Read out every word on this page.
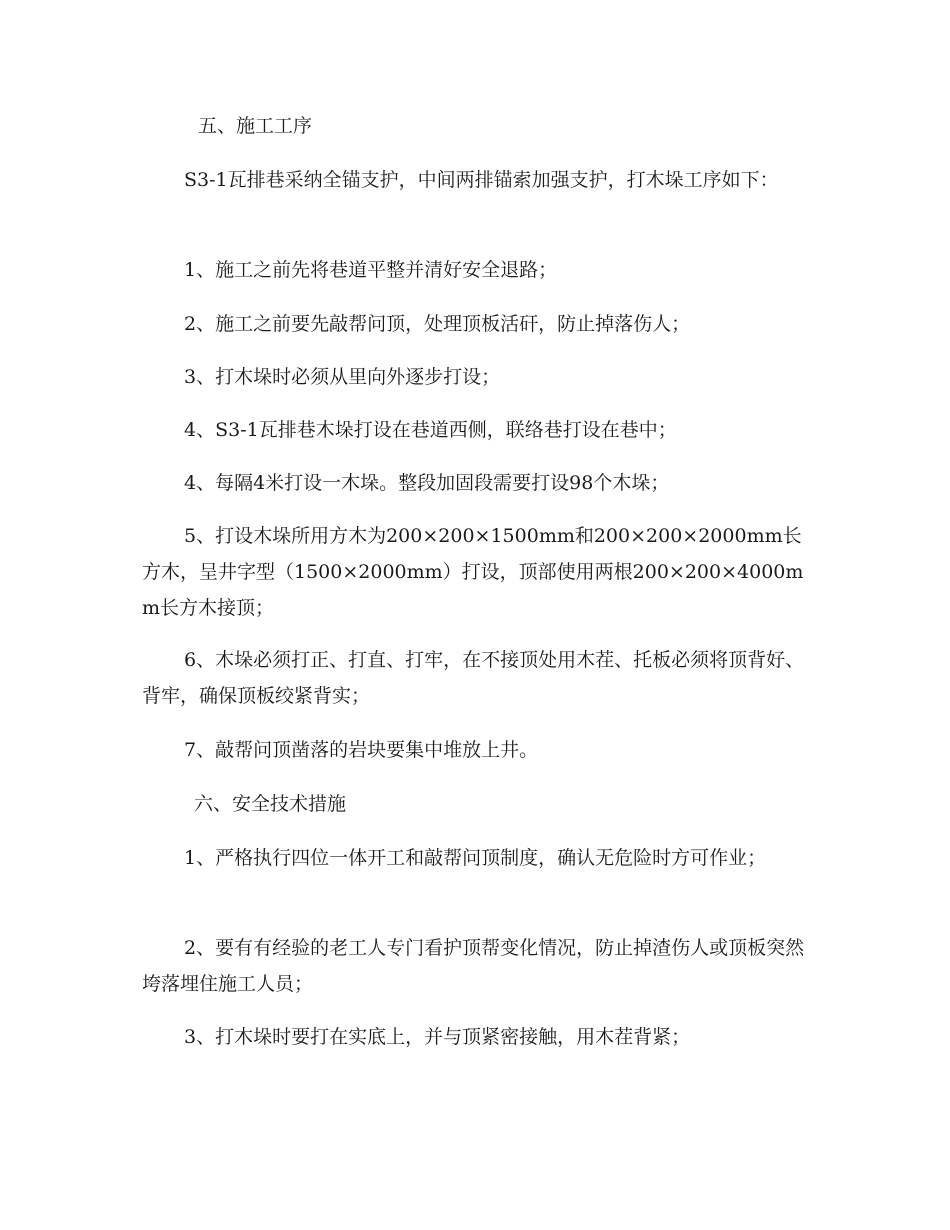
五、施工工序

S3-1瓦排巷采纳全锚支护，中间两排锚索加强支护，打木垛工序如下：

1、施工之前先将巷道平整并清好安全退路；

2、施工之前要先敲帮问顶，处理顶板活矸，防止掉落伤人；

3、打木垛时必须从里向外逐步打设；

4、S3-1瓦排巷木垛打设在巷道西侧，联络巷打设在巷中；

4、每隔4米打设一木垛。整段加固段需要打设98个木垛；

5、打设木垛所用方木为200×200×1500mm和200×200×2000mm长方木，呈井字型（1500×2000mm）打设，顶部使用两根200×200×4000mm长方木接顶；

6、木垛必须打正、打直、打牢，在不接顶处用木茬、托板必须将顶背好、背牢，确保顶板绞紧背实；

7、敲帮问顶凿落的岩块要集中堆放上井。

六、安全技术措施

1、严格执行四位一体开工和敲帮问顶制度，确认无危险时方可作业；

2、要有有经验的老工人专门看护顶帮变化情况，防止掉渣伤人或顶板突然垮落埋住施工人员；

3、打木垛时要打在实底上，并与顶紧密接触，用木茬背紧；
